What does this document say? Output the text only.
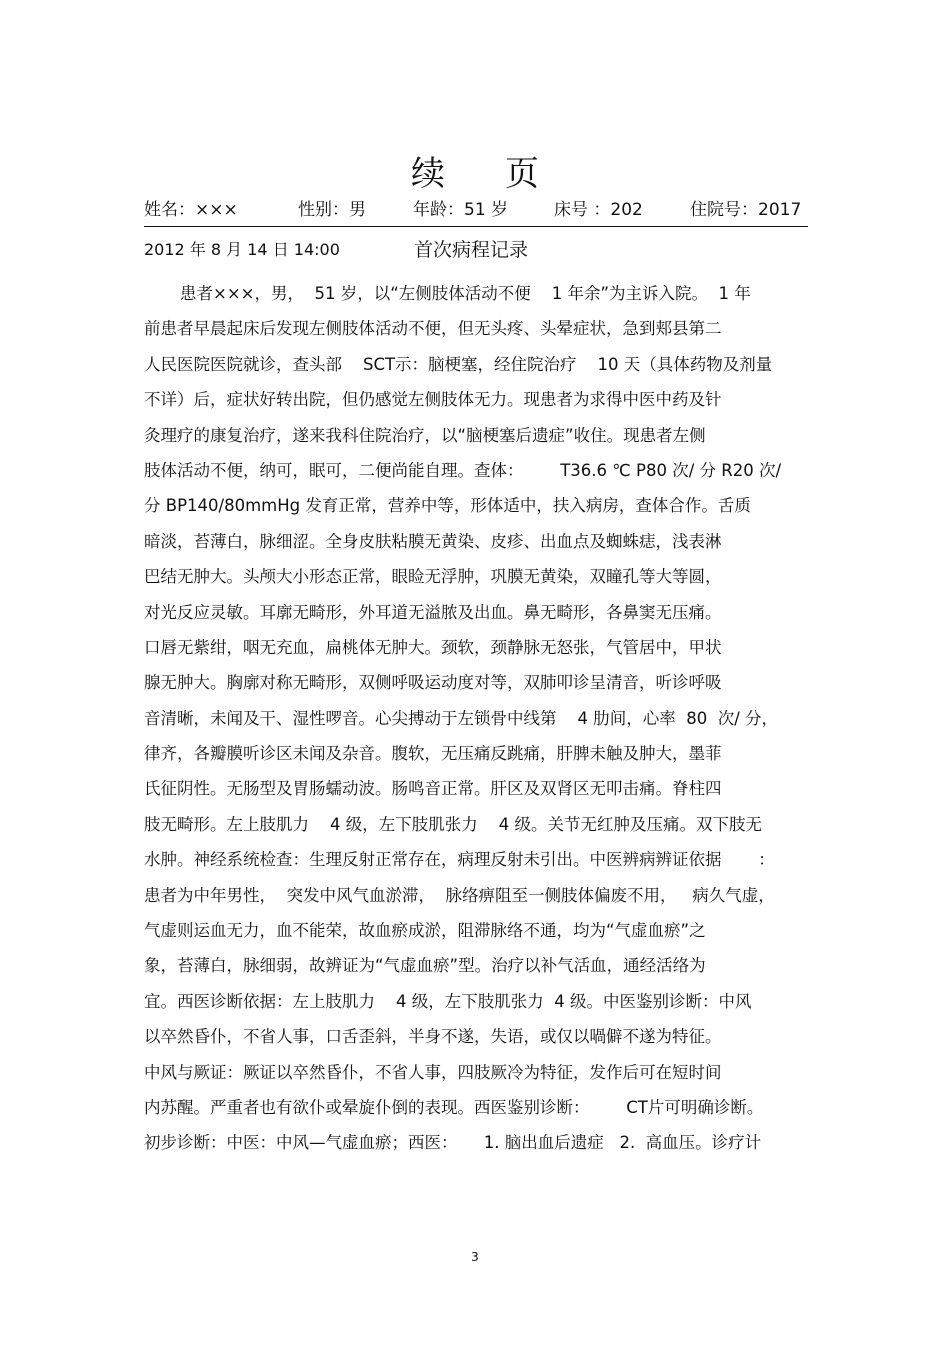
续页
姓名：×××	性别：男	年龄：51 岁	床号 ：202	住院号：2017
2012 年 8 月 14 日 14:00	首次病程记录
患者×××，男，  51 岁，以“左侧肢体活动不便    1 年余”为主诉入院。  1 年
前患者早晨起床后发现左侧肢体活动不便，但无头疼、头晕症状，急到郏县第二
人民医院医院就诊，查头部    SCT示：脑梗塞，经住院治疗    10 天（具体药物及剂量
不详）后，症状好转出院，但仍感觉左侧肢体无力。现患者为求得中医中药及针
灸理疗的康复治疗，遂来我科住院治疗，以“脑梗塞后遗症”收住。现患者左侧
肢体活动不便，纳可，眠可，二便尚能自理。查体：       T36.6 ℃ P80 次/ 分 R20 次/
分 BP140/80mmHg 发育正常，营养中等，形体适中，扶入病房，查体合作。舌质
暗淡，苔薄白，脉细涩。全身皮肤粘膜无黄染、皮疹、出血点及蜘蛛痣，浅表淋
巴结无肿大。头颅大小形态正常，眼睑无浮肿，巩膜无黄染，双瞳孔等大等圆，
对光反应灵敏。耳廓无畸形，外耳道无溢脓及出血。鼻无畸形，各鼻窦无压痛。
口唇无紫绀，咽无充血，扁桃体无肿大。颈软，颈静脉无怒张，气管居中，甲状
腺无肿大。胸廓对称无畸形，双侧呼吸运动度对等，双肺叩诊呈清音，听诊呼吸
音清晰，未闻及干、湿性啰音。心尖搏动于左锁骨中线第    4 肋间，心率  80  次/ 分，
律齐，各瓣膜听诊区未闻及杂音。腹软，无压痛反跳痛，肝脾未触及肿大，墨菲
氏征阴性。无肠型及胃肠蠕动波。肠鸣音正常。肝区及双肾区无叩击痛。脊柱四
肢无畸形。左上肢肌力    4 级，左下肢肌张力    4 级。关节无红肿及压痛。双下肢无
水肿。神经系统检查：生理反射正常存在，病理反射未引出。中医辨病辨证依据       ：
患者为中年男性，  突发中风气血淤滞，  脉络痹阻至一侧肢体偏废不用，   病久气虚，
气虚则运血无力，血不能荣，故血瘀成淤，阻滞脉络不通，均为“气虚血瘀”之
象，苔薄白，脉细弱，故辨证为“气虚血瘀”型。治疗以补气活血，通经活络为
宜。西医诊断依据：左上肢肌力    4 级，左下肢肌张力  4 级。中医鉴别诊断：中风
以卒然昏仆，不省人事，口舌歪斜，半身不遂，失语，或仅以喎僻不遂为特征。
中风与厥证：厥证以卒然昏仆，不省人事，四肢厥冷为特征，发作后可在短时间
内苏醒。严重者也有欲仆或晕旋仆倒的表现。西医鉴别诊断：       CT片可明确诊断。
初步诊断：中医：中风—气虚血瘀；西医：     1. 脑出血后遗症   2.  高血压。诊疗计
3
